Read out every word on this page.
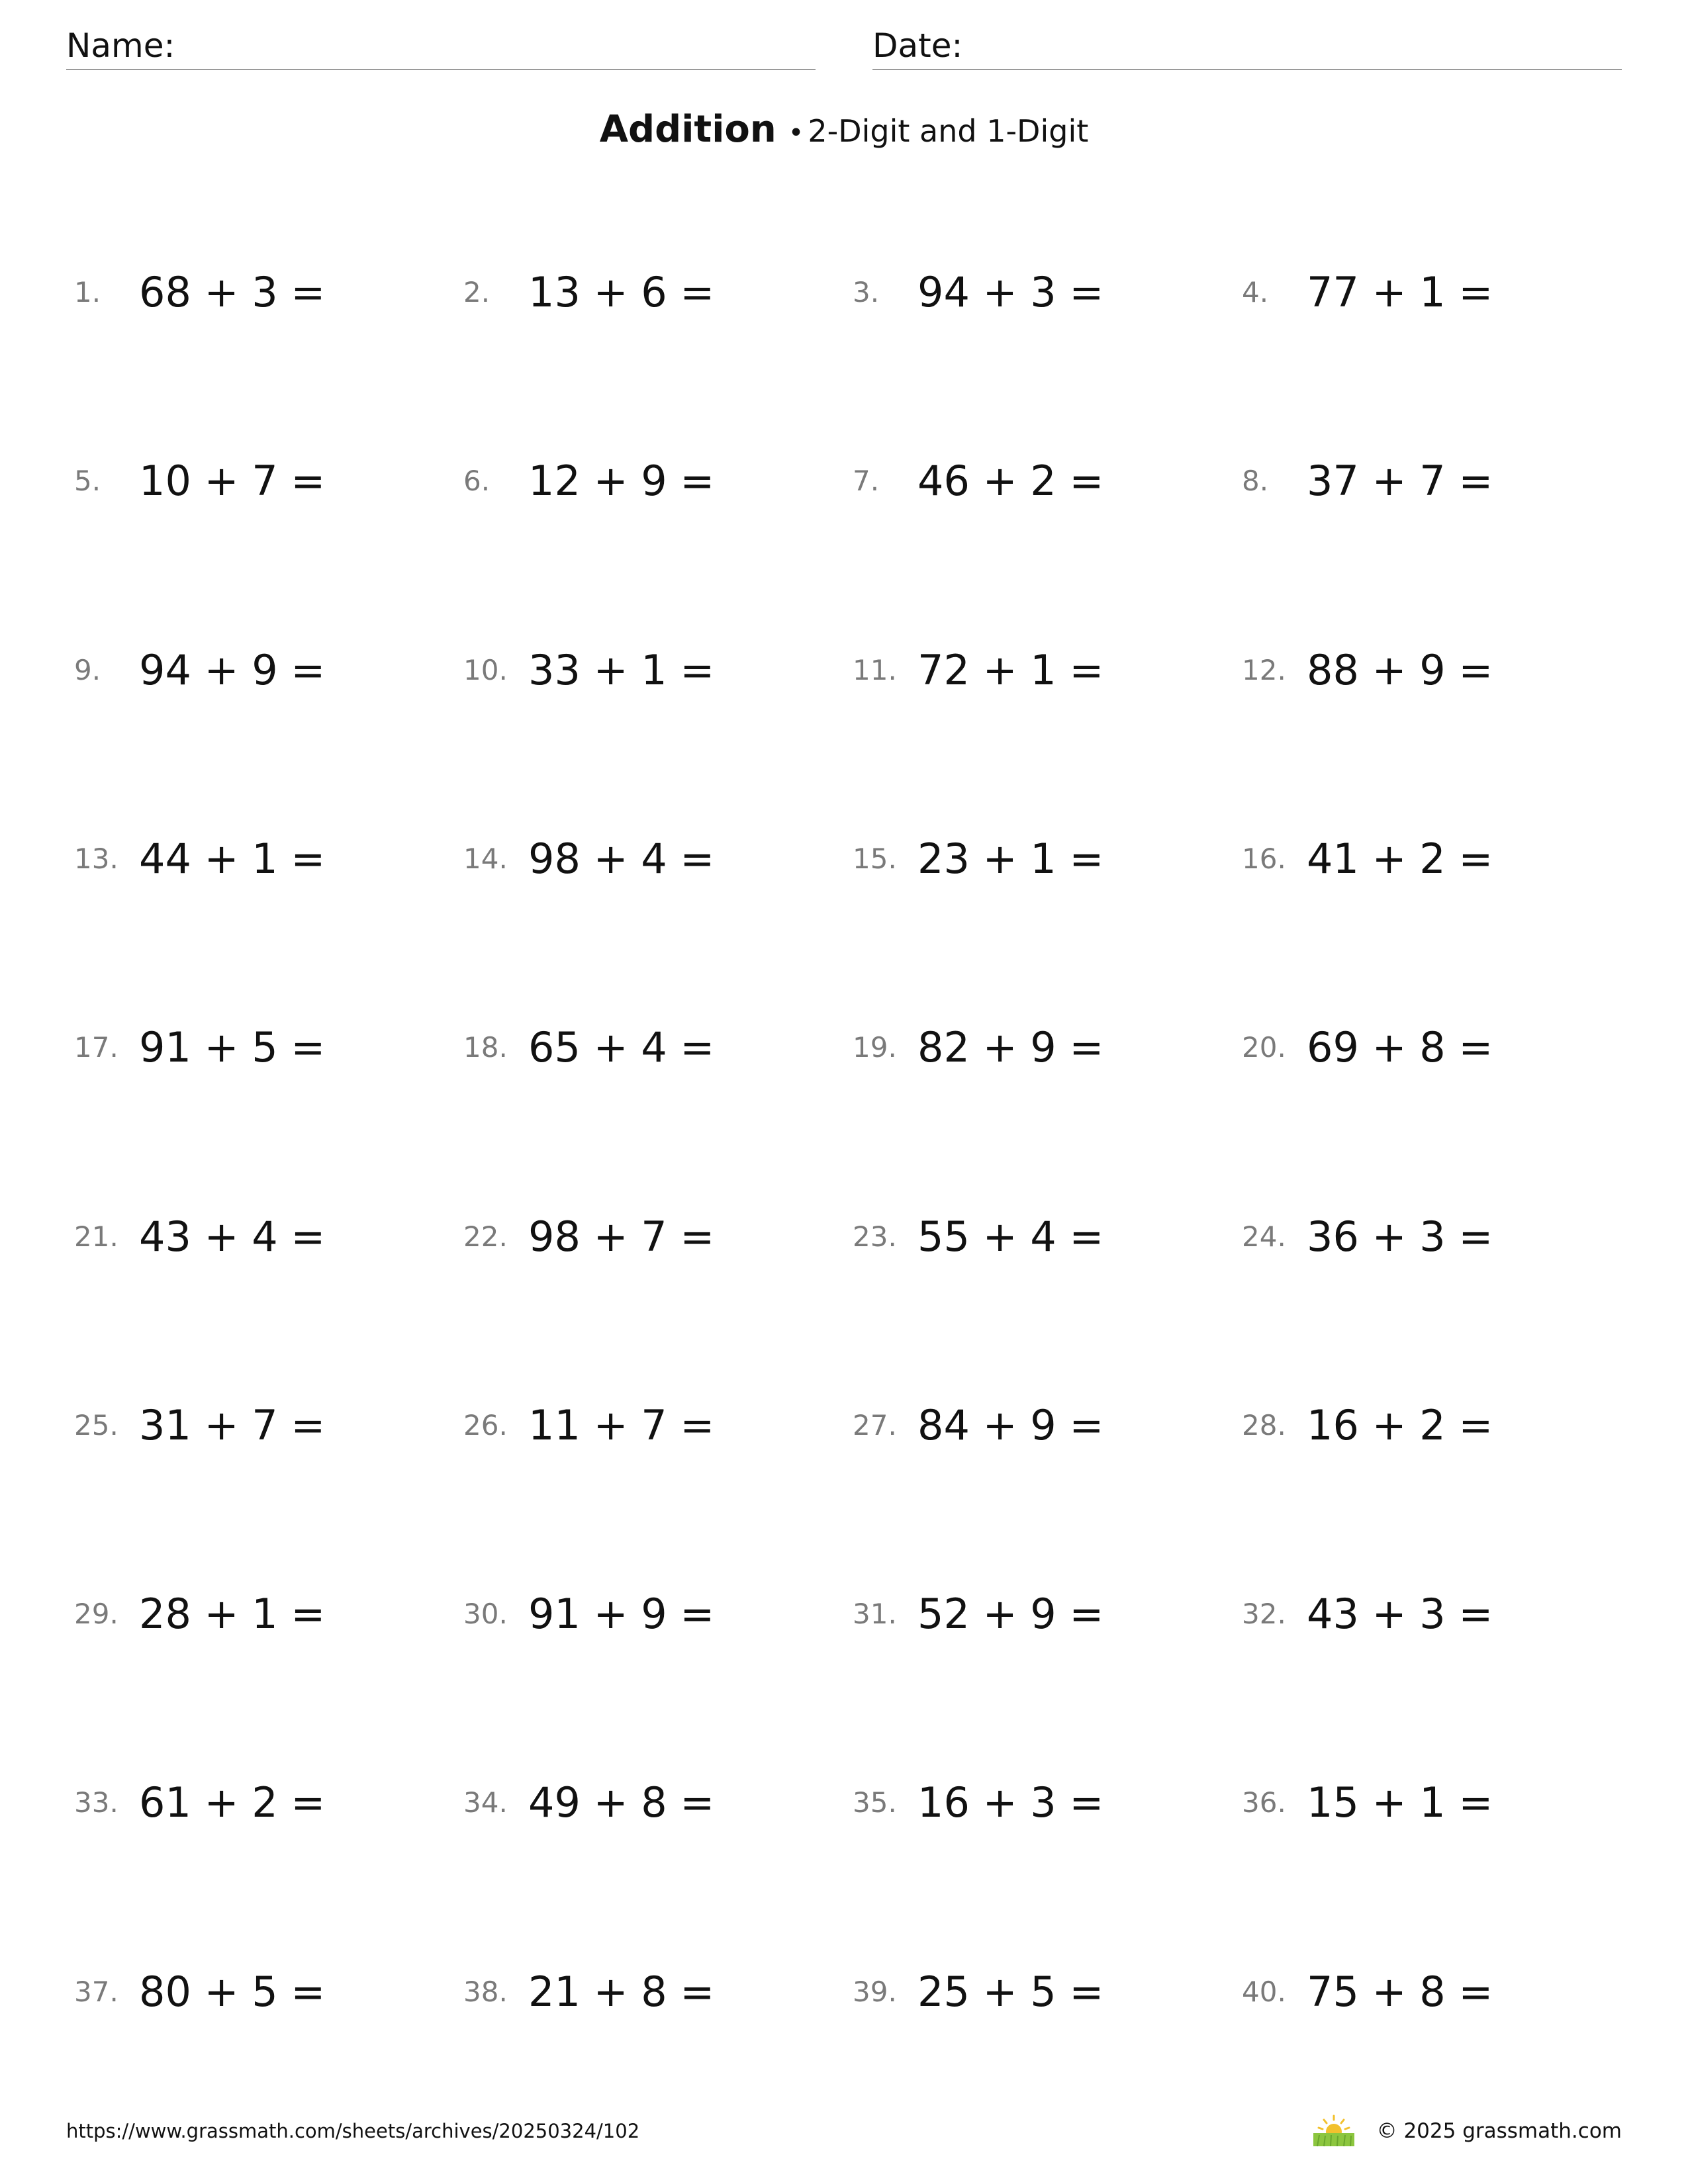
Name:	Date:
Addition • 2-Digit and 1-Digit
1. 68 + 3 =	2. 13 + 6 =	3. 94 + 3 =	4. 77 + 1 =
5. 10 + 7 =	6. 12 + 9 =	7. 46 + 2 =	8. 37 + 7 =
9. 94 + 9 =	10. 33 + 1 =	11. 72 + 1 =	12. 88 + 9 =
13. 44 + 1 =	14. 98 + 4 =	15. 23 + 1 =	16. 41 + 2 =
17. 91 + 5 =	18. 65 + 4 =	19. 82 + 9 =	20. 69 + 8 =
21. 43 + 4 =	22. 98 + 7 =	23. 55 + 4 =	24. 36 + 3 =
25. 31 + 7 =	26. 11 + 7 =	27. 84 + 9 =	28. 16 + 2 =
29. 28 + 1 =	30. 91 + 9 =	31. 52 + 9 =	32. 43 + 3 =
33. 61 + 2 =	34. 49 + 8 =	35. 16 + 3 =	36. 15 + 1 =
37. 80 + 5 =	38. 21 + 8 =	39. 25 + 5 =	40. 75 + 8 =
https://www.grassmath.com/sheets/archives/20250324/102	© 2025 grassmath.com
